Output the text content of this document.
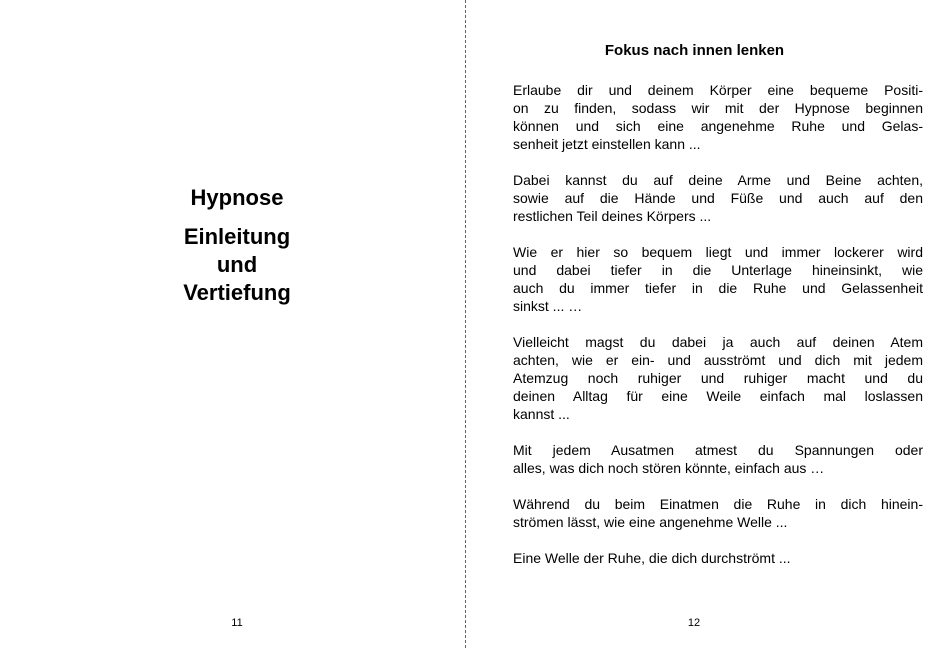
Hypnose
Einleitung
und
Vertiefung
11
Fokus nach innen lenken
Erlaube dir und deinem Körper eine bequeme Positi-
on zu finden, sodass wir mit der Hypnose beginnen
können und sich eine angenehme Ruhe und Gelas-
senheit jetzt einstellen kann ...
Dabei kannst du auf deine Arme und Beine achten,
sowie auf die Hände und Füße und auch auf den
restlichen Teil deines Körpers ...
Wie er hier so bequem liegt und immer lockerer wird
und dabei tiefer in die Unterlage hineinsinkt, wie
auch du immer tiefer in die Ruhe und Gelassenheit
sinkst ... …
Vielleicht magst du dabei ja auch auf deinen Atem
achten, wie er ein- und ausströmt und dich mit jedem
Atemzug noch ruhiger und ruhiger macht und du
deinen Alltag für eine Weile einfach mal loslassen
kannst ...
Mit jedem Ausatmen atmest du Spannungen oder
alles, was dich noch stören könnte, einfach aus …
Während du beim Einatmen die Ruhe in dich hinein-
strömen lässt, wie eine angenehme Welle ...
Eine Welle der Ruhe, die dich durchströmt ...
12
